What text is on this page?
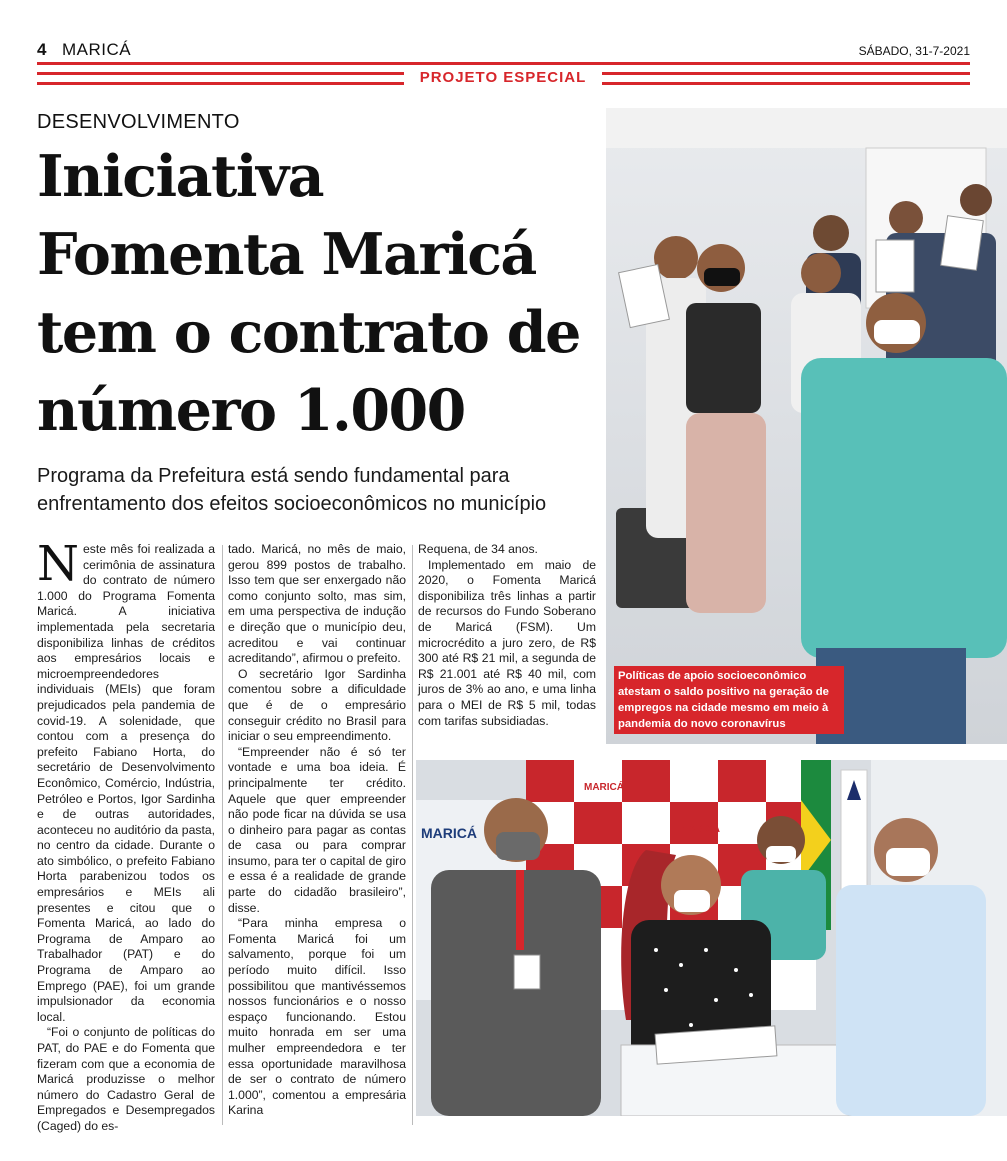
4 MARICÁ	SÁBADO, 31-7-2021
PROJETO ESPECIAL
DESENVOLVIMENTO
Iniciativa Fomenta Maricá tem o contrato de número 1.000
Programa da Prefeitura está sendo fundamental para enfrentamento dos efeitos socioeconômicos no município

Neste mês foi realizada a cerimônia de assinatura do contrato de número 1.000 do Programa Fomenta Maricá. A iniciativa implementada pela secretaria disponibiliza linhas de créditos aos empresários locais e microempreendedores individuais (MEIs) que foram prejudicados pela pandemia de covid-19. A solenidade, que contou com a presença do prefeito Fabiano Horta, do secretário de Desenvolvimento Econômico, Comércio, Indústria, Petróleo e Portos, Igor Sardinha e de outras autoridades, aconteceu no auditório da pasta, no centro da cidade. Durante o ato simbólico, o prefeito Fabiano Horta parabenizou todos os empresários e MEIs ali presentes e citou que o Fomenta Maricá, ao lado do Programa de Amparo ao Trabalhador (PAT) e do Programa de Amparo ao Emprego (PAE), foi um grande impulsionador da economia local.

“Foi o conjunto de políticas do PAT, do PAE e do Fomenta que fizeram com que a economia de Maricá produzisse o melhor número do Cadastro Geral de Empregados e Desempregados (Caged) do es-

tado. Maricá, no mês de maio, gerou 899 postos de trabalho. Isso tem que ser enxergado não como conjunto solto, mas sim, em uma perspectiva de indução e direção que o município deu, acreditou e vai continuar acreditando”, afirmou o prefeito.

O secretário Igor Sardinha comentou sobre a dificuldade que é de o empresário conseguir crédito no Brasil para iniciar o seu empreendimento.

“Empreender não é só ter vontade e uma boa ideia. É principalmente ter crédito. Aquele que quer empreender não pode ficar na dúvida se usa o dinheiro para pagar as contas de casa ou para comprar insumo, para ter o capital de giro e essa é a realidade de grande parte do cidadão brasileiro”, disse.

“Para minha empresa o Fomenta Maricá foi um salvamento, porque foi um período muito difícil. Isso possibilitou que mantivéssemos nossos funcionários e o nosso espaço funcionando. Estou muito honrada em ser uma mulher empreendedora e ter essa oportunidade maravilhosa de ser o contrato de número 1.000”, comentou a empresária Karina

Requena, de 34 anos.

Implementado em maio de 2020, o Fomenta Maricá disponibiliza três linhas a partir de recursos do Fundo Soberano de Maricá (FSM). Um microcrédito a juro zero, de R$ 300 até R$ 21 mil, a segunda de R$ 21.001 até R$ 40 mil, com juros de 3% ao ano, e uma linha para o MEI de R$ 5 mil, todas com tarifas subsidiadas.

Políticas de apoio socioeconômico atestam o saldo positivo na geração de empregos na cidade mesmo em meio à pandemia do novo coronavírus
MARICÁ
MARICÁ
MARICÁ
